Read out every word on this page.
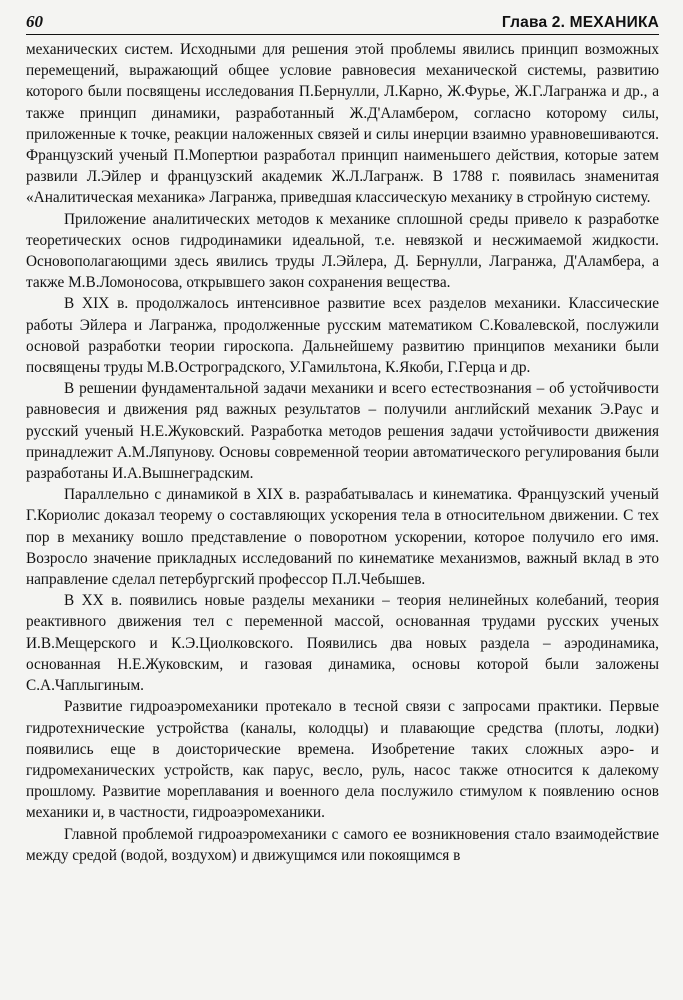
60	Глава 2. МЕХАНИКА

механических систем. Исходными для решения этой проблемы явились принцип возможных перемещений, выражающий общее условие равновесия механической системы, развитию которого были посвящены исследования П.Бернулли, Л.Карно, Ж.Фурье, Ж.Г.Лагранжа и др., а также принцип динамики, разработанный Ж.Д'Аламбером, согласно которому силы, приложенные к точке, реакции наложенных связей и силы инерции взаимно уравновешиваются. Французский ученый П.Мопертюи разработал принцип наименьшего действия, которые затем развили Л.Эйлер и французский академик Ж.Л.Лагранж. В 1788 г. появилась знаменитая «Аналитическая механика» Лагранжа, приведшая классическую механику в стройную систему.

Приложение аналитических методов к механике сплошной среды привело к разработке теоретических основ гидродинамики идеальной, т.е. невязкой и несжимаемой жидкости. Основополагающими здесь явились труды Л.Эйлера, Д. Бернулли, Лагранжа, Д'Аламбера, а также М.В.Ломоносова, открывшего закон сохранения вещества.

В XIX в. продолжалось интенсивное развитие всех разделов механики. Классические работы Эйлера и Лагранжа, продолженные русским математиком С.Ковалевской, послужили основой разработки теории гироскопа. Дальнейшему развитию принципов механики были посвящены труды М.В.Остроградского, У.Гамильтона, К.Якоби, Г.Герца и др.

В решении фундаментальной задачи механики и всего естествознания – об устойчивости равновесия и движения ряд важных результатов – получили английский механик Э.Раус и русский ученый Н.Е.Жуковский. Разработка методов решения задачи устойчивости движения принадлежит А.М.Ляпунову. Основы современной теории автоматического регулирования были разработаны И.А.Вышнеградским.

Параллельно с динамикой в XIX в. разрабатывалась и кинематика. Французский ученый Г.Кориолис доказал теорему о составляющих ускорения тела в относительном движении. С тех пор в механику вошло представление о поворотном ускорении, которое получило его имя. Возросло значение прикладных исследований по кинематике механизмов, важный вклад в это направление сделал петербургский профессор П.Л.Чебышев.

В XX в. появились новые разделы механики – теория нелинейных колебаний, теория реактивного движения тел с переменной массой, основанная трудами русских ученых И.В.Мещерского и К.Э.Циолковского. Появились два новых раздела – аэродинамика, основанная Н.Е.Жуковским, и газовая динамика, основы которой были заложены С.А.Чаплыгиным.

Развитие гидроаэромеханики протекало в тесной связи с запросами практики. Первые гидротехнические устройства (каналы, колодцы) и плавающие средства (плоты, лодки) появились еще в доисторические времена. Изобретение таких сложных аэро- и гидромеханических устройств, как парус, весло, руль, насос также относится к далекому прошлому. Развитие мореплавания и военного дела послужило стимулом к появлению основ механики и, в частности, гидроаэромеханики.

Главной проблемой гидроаэромеханики с самого ее возникновения стало взаимодействие между средой (водой, воздухом) и движущимся или покоящимся в
